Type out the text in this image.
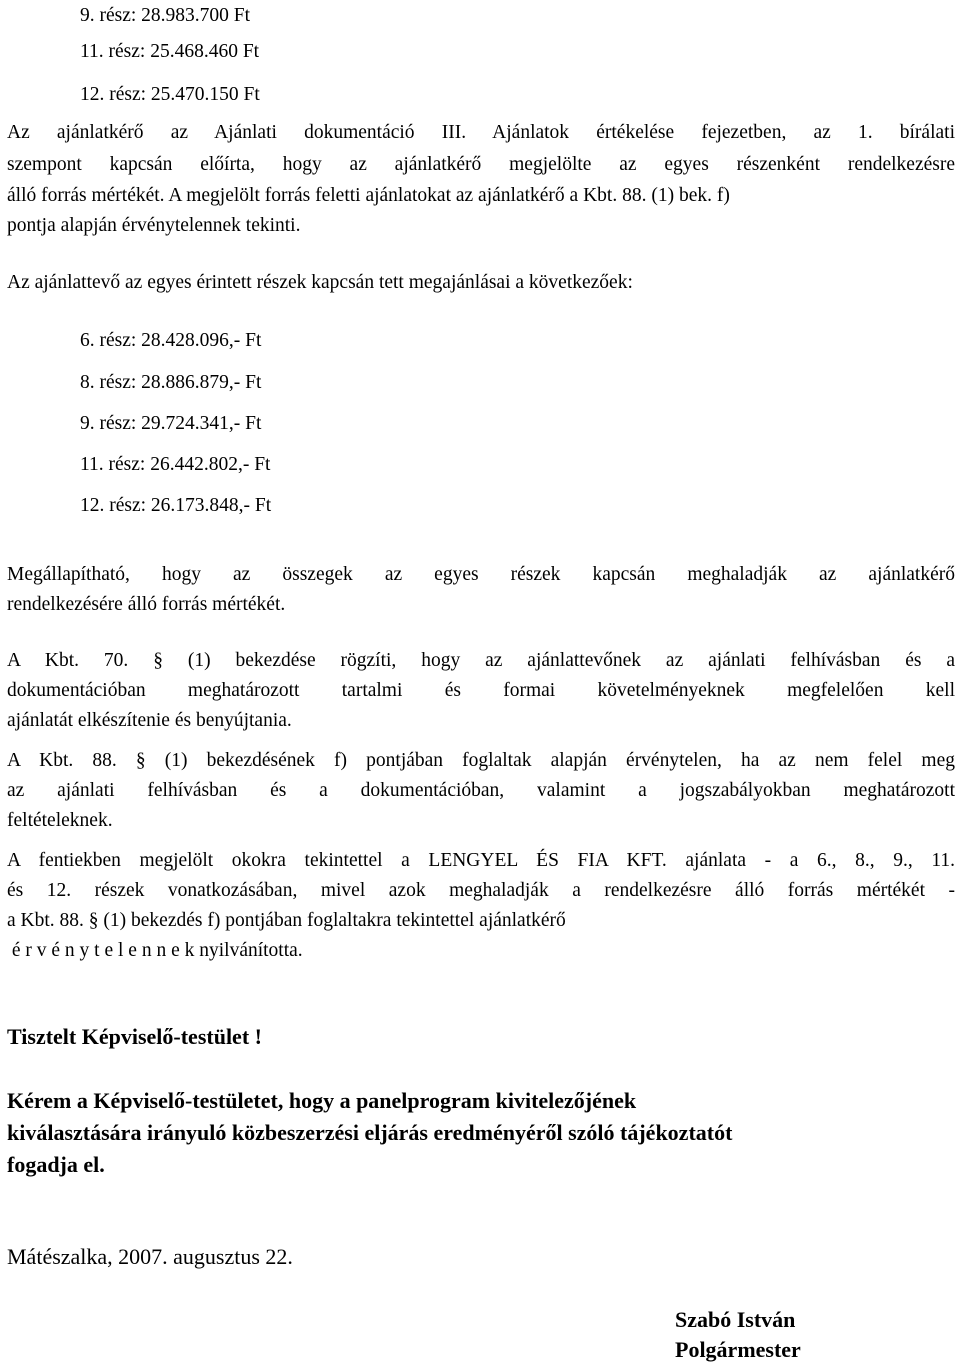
9. rész: 28.983.700 Ft
11. rész: 25.468.460 Ft
12. rész: 25.470.150 Ft
Az ajánlatkérő az Ajánlati dokumentáció III. Ajánlatok értékelése fejezetben, az 1. bírálati
szempont kapcsán előírta, hogy az ajánlatkérő megjelölte az egyes részenként rendelkezésre
álló forrás mértékét. A megjelölt forrás feletti ajánlatokat az ajánlatkérő a Kbt. 88. (1) bek. f)
pontja alapján érvénytelennek tekinti.
Az ajánlattevő az egyes érintett részek kapcsán tett megajánlásai a következőek:
6. rész: 28.428.096,- Ft
8. rész: 28.886.879,- Ft
9. rész: 29.724.341,- Ft
11. rész: 26.442.802,- Ft
12. rész: 26.173.848,- Ft
Megállapítható, hogy az összegek az egyes részek kapcsán meghaladják az ajánlatkérő
rendelkezésére álló forrás mértékét.
A Kbt. 70. § (1) bekezdése rögzíti, hogy az ajánlattevőnek az ajánlati felhívásban és a
dokumentációban meghatározott tartalmi és formai követelményeknek megfelelően kell
ajánlatát elkészítenie és benyújtania.
A Kbt. 88. § (1) bekezdésének f) pontjában foglaltak alapján érvénytelen, ha az nem felel meg
az ajánlati felhívásban és a dokumentációban, valamint a jogszabályokban meghatározott
feltételeknek.
A fentiekben megjelölt okokra tekintettel a LENGYEL ÉS FIA KFT. ajánlata - a 6., 8., 9., 11.
és 12. részek vonatkozásában, mivel azok meghaladják a rendelkezésre álló forrás mértékét -
a Kbt. 88. § (1) bekezdés f) pontjában foglaltakra tekintettel ajánlatkérő
é r v é n y t e l e n n e k nyilvánította.
Tisztelt Képviselő-testület !
Kérem a Képviselő-testületet, hogy a panelprogram kivitelezőjének
kiválasztására irányuló közbeszerzési eljárás eredményéről szóló tájékoztatót
fogadja el.
Mátészalka, 2007. augusztus 22.
Szabó István
Polgármester
